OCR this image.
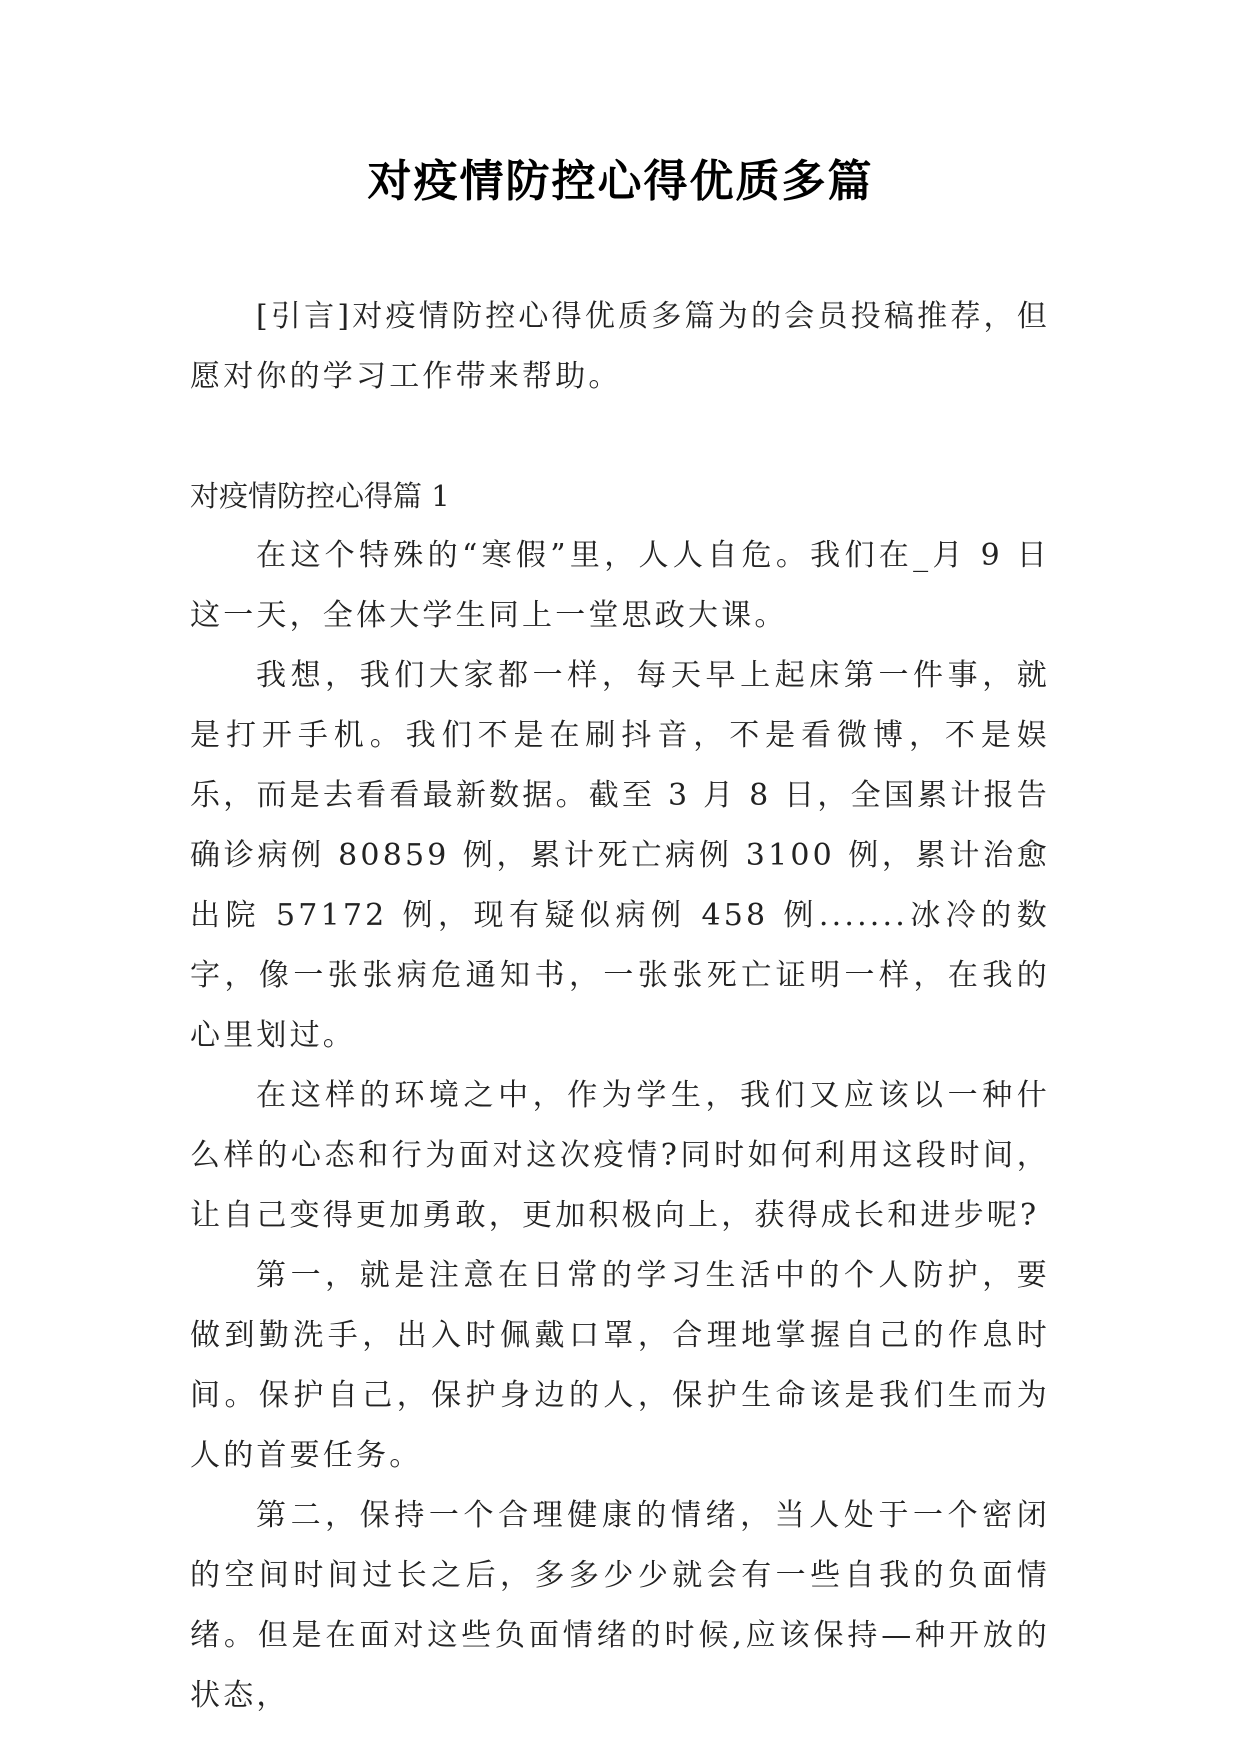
对疫情防控心得优质多篇

[引言]对疫情防控心得优质多篇为的会员投稿推荐，但愿对你的学习工作带来帮助。

对疫情防控心得篇 1

在这个特殊的“寒假”里，人人自危。我们在_月 9 日这一天，全体大学生同上一堂思政大课。

我想，我们大家都一样，每天早上起床第一件事，就是打开手机。我们不是在刷抖音，不是看微博，不是娱乐，而是去看看最新数据。截至 3 月 8 日，全国累计报告确诊病例 80859 例，累计死亡病例 3100 例，累计治愈出院 57172 例，现有疑似病例 458 例.......冰冷的数字，像一张张病危通知书，一张张死亡证明一样，在我的心里划过。

在这样的环境之中，作为学生，我们又应该以一种什么样的心态和行为面对这次疫情?同时如何利用这段时间，让自己变得更加勇敢，更加积极向上，获得成长和进步呢?

第一，就是注意在日常的学习生活中的个人防护，要做到勤洗手，出入时佩戴口罩，合理地掌握自己的作息时间。保护自己，保护身边的人，保护生命该是我们生而为人的首要任务。

第二，保持一个合理健康的情绪，当人处于一个密闭的空间时间过长之后，多多少少就会有一些自我的负面情绪。但是在面对这些负面情绪的时候,应该保持—种开放的状态，
